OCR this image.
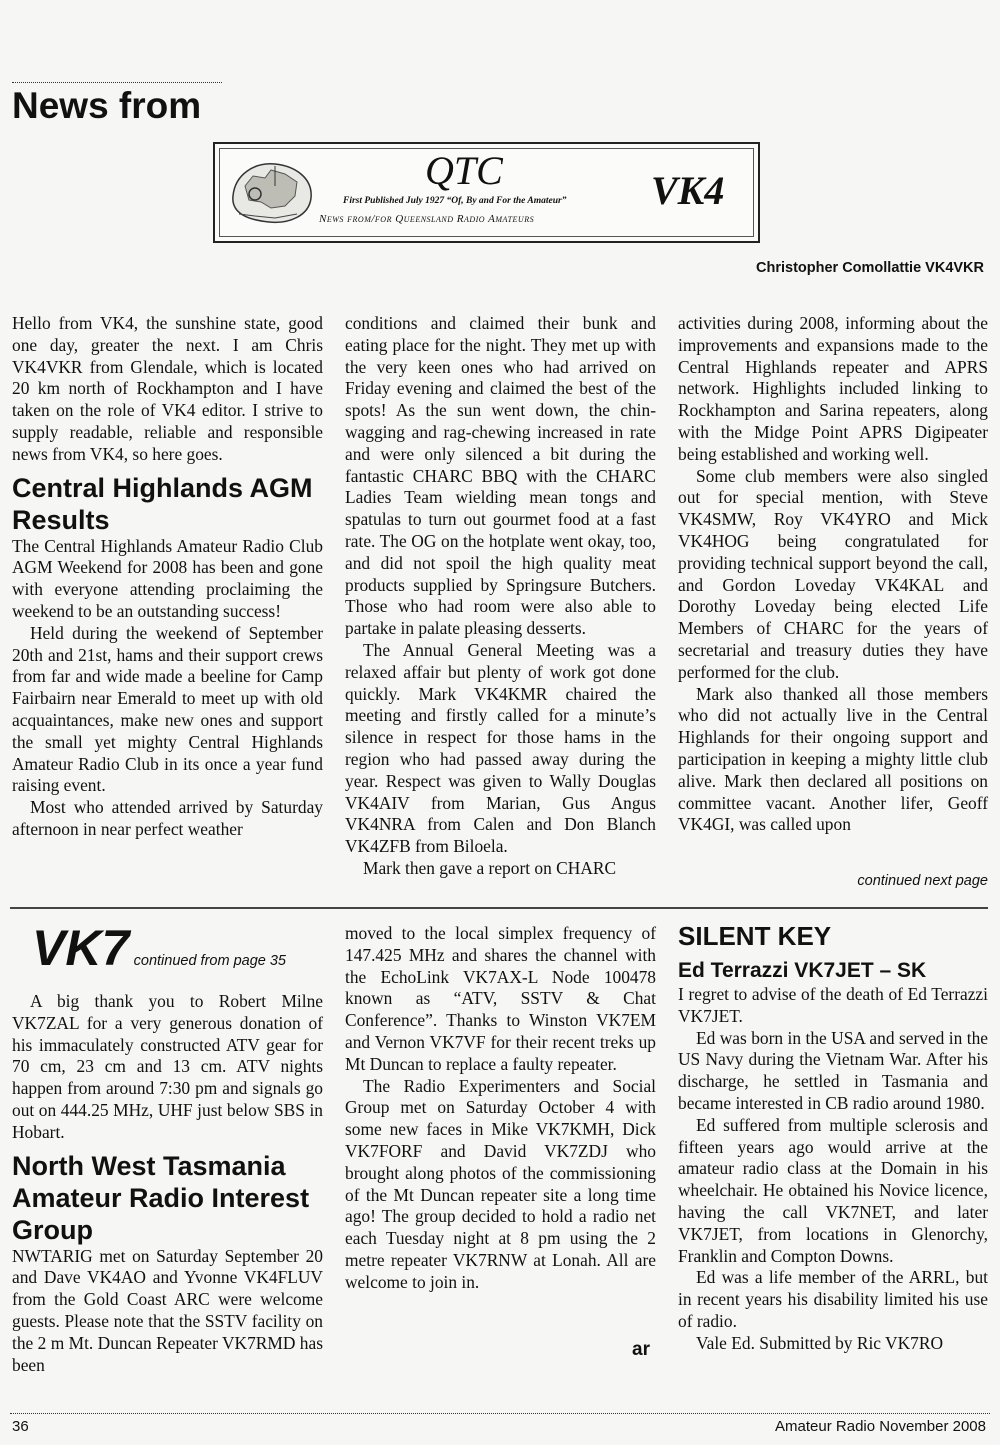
News from
QTC
First Published July 1927 “Of, By and For the Amateur”
News from/for Queensland Radio Amateurs
VK4
Christopher Comollattie VK4VKR

Hello from VK4, the sunshine state, good one day, greater the next. I am Chris VK4VKR from Glendale, which is located 20 km north of Rockhampton and I have taken on the role of VK4 editor. I strive to supply readable, reliable and responsible news from VK4, so here goes.

Central Highlands AGM Results

The Central Highlands Amateur Radio Club AGM Weekend for 2008 has been and gone with everyone attending proclaiming the weekend to be an outstanding success!

Held during the weekend of September 20th and 21st, hams and their support crews from far and wide made a beeline for Camp Fairbairn near Emerald to meet up with old acquaintances, make new ones and support the small yet mighty Central Highlands Amateur Radio Club in its once a year fund raising event.

Most who attended arrived by Saturday afternoon in near perfect weather

conditions and claimed their bunk and eating place for the night. They met up with the very keen ones who had arrived on Friday evening and claimed the best of the spots! As the sun went down, the chin-wagging and rag-chewing increased in rate and were only silenced a bit during the fantastic CHARC BBQ with the CHARC Ladies Team wielding mean tongs and spatulas to turn out gourmet food at a fast rate. The OG on the hotplate went okay, too, and did not spoil the high quality meat products supplied by Springsure Butchers. Those who had room were also able to partake in palate pleasing desserts.

The Annual General Meeting was a relaxed affair but plenty of work got done quickly. Mark VK4KMR chaired the meeting and firstly called for a minute’s silence in respect for those hams in the region who had passed away during the year. Respect was given to Wally Douglas VK4AIV from Marian, Gus Angus VK4NRA from Calen and Don Blanch VK4ZFB from Biloela.

Mark then gave a report on CHARC

activities during 2008, informing about the improvements and expansions made to the Central Highlands repeater and APRS network. Highlights included linking to Rockhampton and Sarina repeaters, along with the Midge Point APRS Digipeater being established and working well.

Some club members were also singled out for special mention, with Steve VK4SMW, Roy VK4YRO and Mick VK4HOG being congratulated for providing technical support beyond the call, and Gordon Loveday VK4KAL and Dorothy Loveday being elected Life Members of CHARC for the years of secretarial and treasury duties they have performed for the club.

Mark also thanked all those members who did not actually live in the Central Highlands for their ongoing support and participation in keeping a mighty little club alive. Mark then declared all positions on committee vacant. Another lifer, Geoff VK4GI, was called upon

continued next page
VK7 continued from page 35

A big thank you to Robert Milne VK7ZAL for a very generous donation of his immaculately constructed ATV gear for 70 cm, 23 cm and 13 cm. ATV nights happen from around 7:30 pm and signals go out on 444.25 MHz, UHF just below SBS in Hobart.

North West Tasmania Amateur Radio Interest Group

NWTARIG met on Saturday September 20 and Dave VK4AO and Yvonne VK4FLUV from the Gold Coast ARC were welcome guests. Please note that the SSTV facility on the 2 m Mt. Duncan Repeater VK7RMD has been

moved to the local simplex frequency of 147.425 MHz and shares the channel with the EchoLink VK7AX-L Node 100478 known as “ATV, SSTV & Chat Conference”. Thanks to Winston VK7EM and Vernon VK7VF for their recent treks up Mt Duncan to replace a faulty repeater.

The Radio Experimenters and Social Group met on Saturday October 4 with some new faces in Mike VK7KMH, Dick VK7FORF and David VK7ZDJ who brought along photos of the commissioning of the Mt Duncan repeater site a long time ago! The group decided to hold a radio net each Tuesday night at 8 pm using the 2 metre repeater VK7RNW at Lonah. All are welcome to join in.

ar
SILENT KEY
Ed Terrazzi VK7JET – SK

I regret to advise of the death of Ed Terrazzi VK7JET.

Ed was born in the USA and served in the US Navy during the Vietnam War. After his discharge, he settled in Tasmania and became interested in CB radio around 1980.

Ed suffered from multiple sclerosis and fifteen years ago would arrive at the amateur radio class at the Domain in his wheelchair. He obtained his Novice licence, having the call VK7NET, and later VK7JET, from locations in Glenorchy, Franklin and Compton Downs.

Ed was a life member of the ARRL, but in recent years his disability limited his use of radio.

Vale Ed. Submitted by Ric VK7RO

36	Amateur Radio November 2008
